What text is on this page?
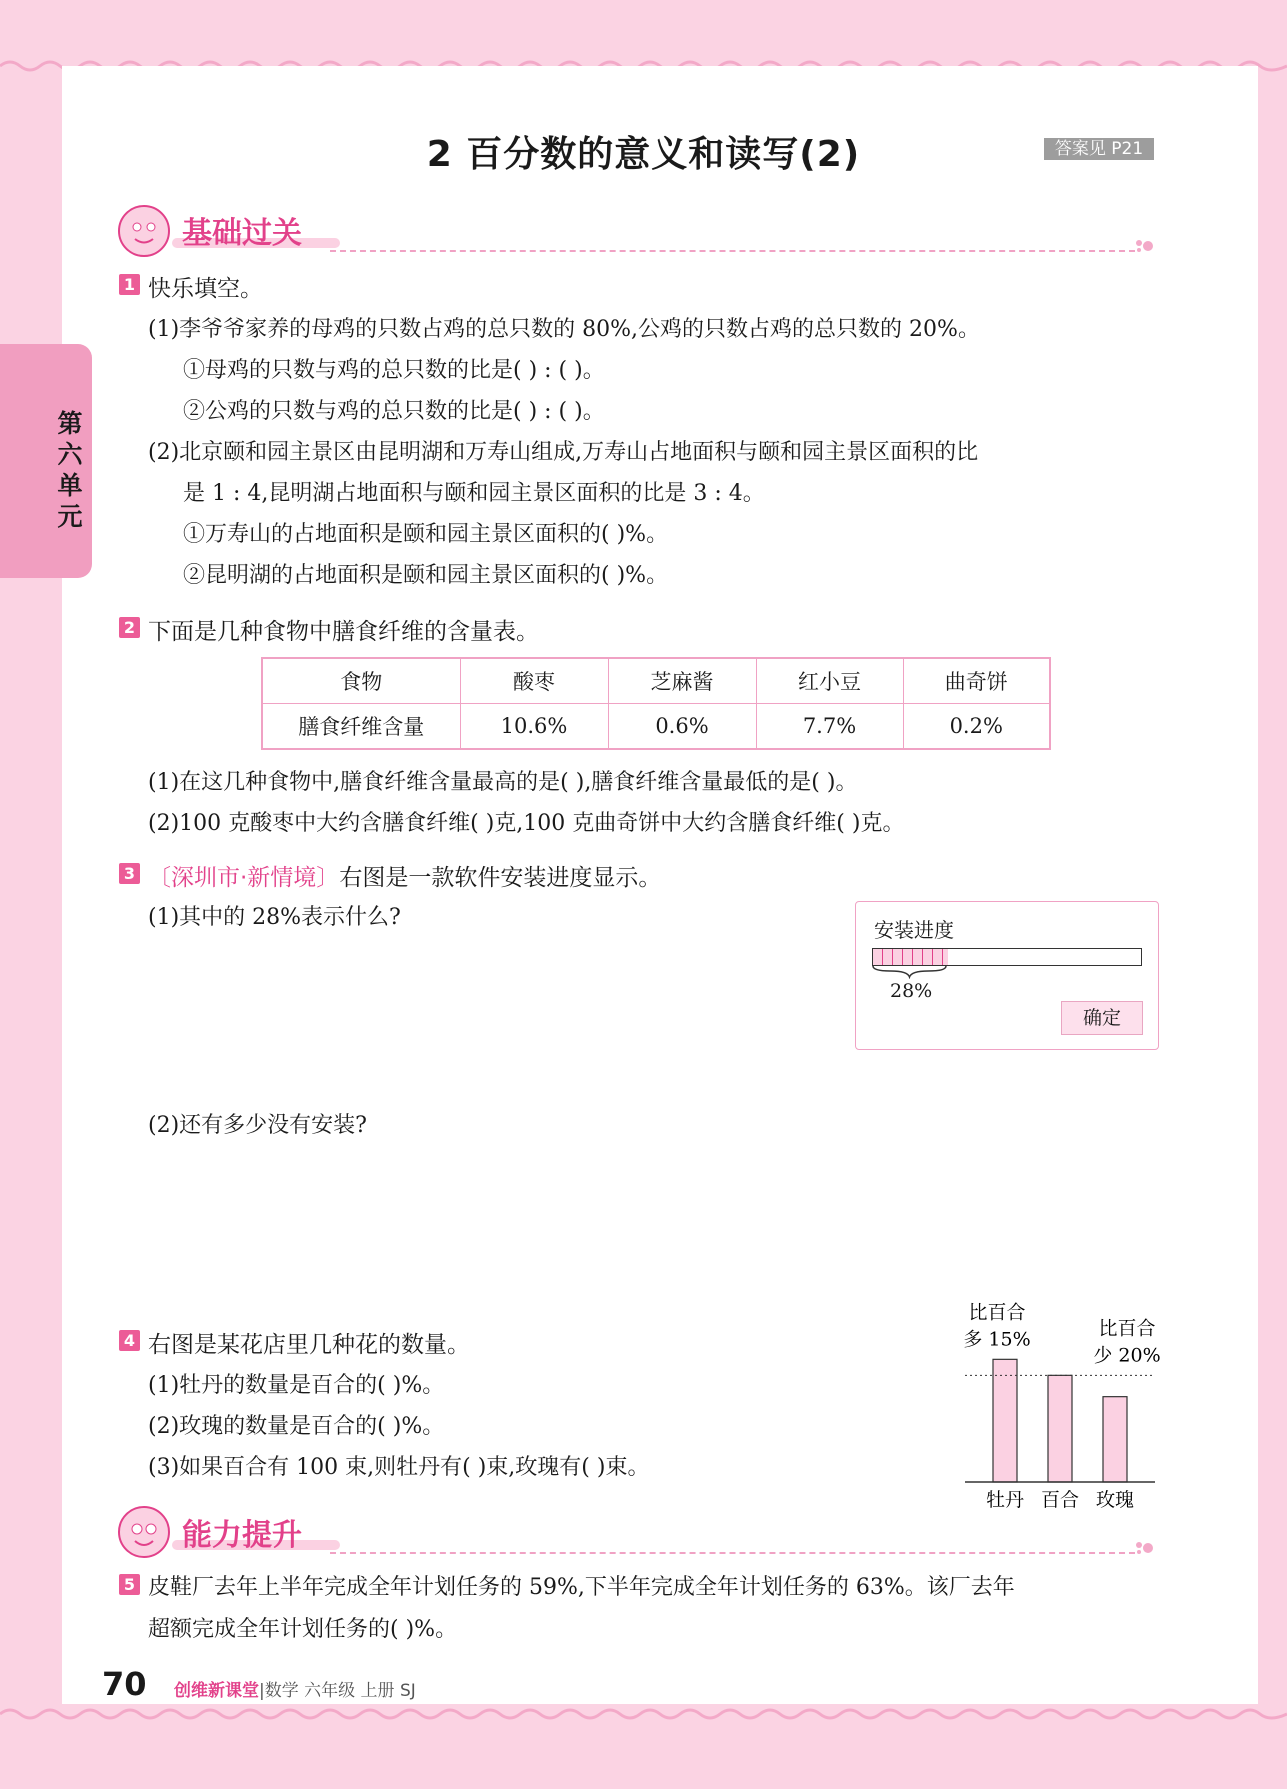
第六单元
2 百分数的意义和读写(2)	答案见 P21
基础过关
1 快乐填空。
(1)李爷爷家养的母鸡的只数占鸡的总只数的 80%,公鸡的只数占鸡的总只数的 20%。
①母鸡的只数与鸡的总只数的比是( ) : ( )。
②公鸡的只数与鸡的总只数的比是( ) : ( )。
(2)北京颐和园主景区由昆明湖和万寿山组成,万寿山占地面积与颐和园主景区面积的比
是 1 : 4,昆明湖占地面积与颐和园主景区面积的比是 3 : 4。
①万寿山的占地面积是颐和园主景区面积的( )%。
②昆明湖的占地面积是颐和园主景区面积的( )%。
2 下面是几种食物中膳食纤维的含量表。
食物	酸枣	芝麻酱	红小豆	曲奇饼
膳食纤维含量	10.6%	0.6%	7.7%	0.2%
(1)在这几种食物中,膳食纤维含量最高的是( ),膳食纤维含量最低的是( )。
(2)100 克酸枣中大约含膳食纤维( )克,100 克曲奇饼中大约含膳食纤维( )克。
3 〔深圳市·新情境〕右图是一款软件安装进度显示。
(1)其中的 28%表示什么?
(2)还有多少没有安装?
安装进度
28%
确定
4 右图是某花店里几种花的数量。
(1)牡丹的数量是百合的( )%。
(2)玫瑰的数量是百合的( )%。
(3)如果百合有 100 束,则牡丹有( )束,玫瑰有( )束。
比百合
多 15%	比百合
少 20%
牡丹 百合 玫瑰
能力提升
5 皮鞋厂去年上半年完成全年计划任务的 59%,下半年完成全年计划任务的 63%。该厂去年
超额完成全年计划任务的( )%。
70 创维新课堂|数学 六年级 上册 SJ
